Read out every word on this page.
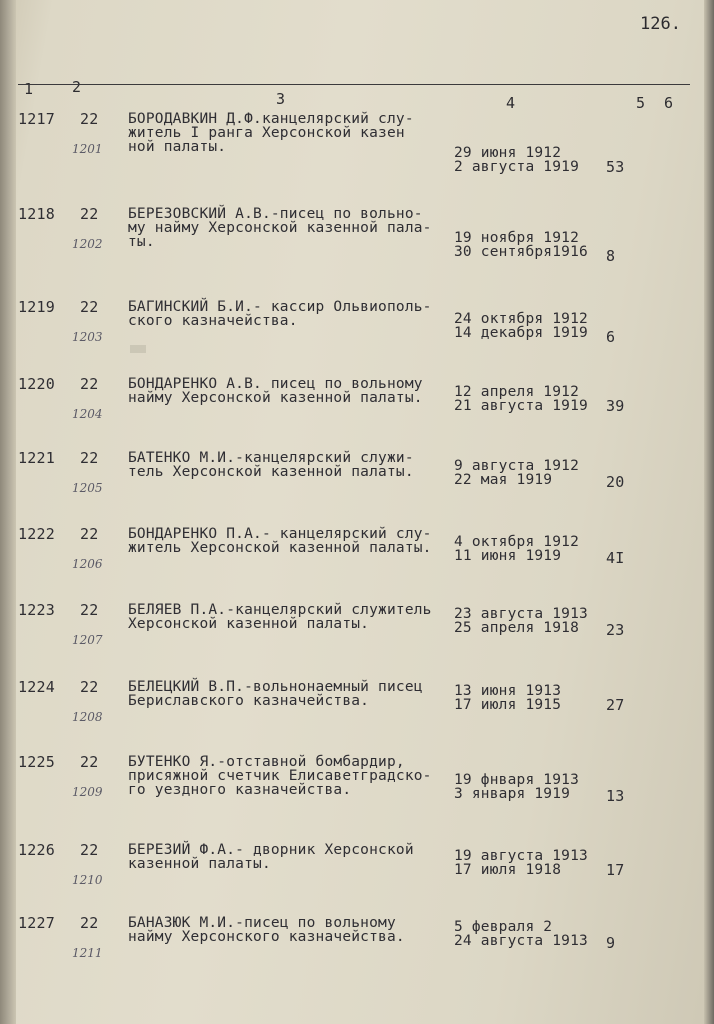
126.
1	2
3	4	5 6
1217 22
1201
БОРОДАВКИН Д.Ф.канцелярский слу-
житель I ранга Херсонской казен
ной палаты.	29 июня 1912
2 августа 1919 53
1218 22
1202
БЕРЕЗОВСКИЙ А.В.-писец по вольно-
му найму Херсонской казенной пала-
ты.	19 ноября 1912
30 сентября1916 8
1219 22
1203
БАГИНСКИЙ Б.И.- кассир Ольвиополь-
ского казначейства.	24 октября 1912
14 декабря 1919 6
1220 22
1204
БОНДАРЕНКО А.В. писец по вольному
найму Херсонской казенной палаты. 12 апреля 1912
21 августа 1919 39
1221 22
1205
БАТЕНКО М.И.-канцелярский служи-
тель Херсонской казенной палаты.	9 августа 1912
22 мая 1919	20
1222 22
1206
БОНДАРЕНКО П.А.- канцелярский слу-
житель Херсонской казенной палаты. 4 октября 1912
11 июня 1919	4I
1223 22
1207
БЕЛЯЕВ П.А.-канцелярский служитель
Херсонской казенной палаты.
23 августа 1913
25 апреля 1918 23
1224 22
1208
БЕЛЕЦКИЙ В.П.-вольнонаемный писец
Бериславского казначейства.
13 июня 1913
17 июля 1915	27
1225 22
1209
БУТЕНКО Я.-отставной бомбардир,
присяжной счетчик Елисаветградско-
го уездного казначейства.
19 фнваря 1913
3 января 1919 13
1226 22
1210
БЕРЕЗИЙ Ф.А.- дворник Херсонской
казенной палаты.	19 августа 1913
17 июля 1918	17
1227 22
1211
БАНАЗЮК М.И.-писец по вольному
найму Херсонского казначейства.
5 февраля 2
24 августа 1913 9
